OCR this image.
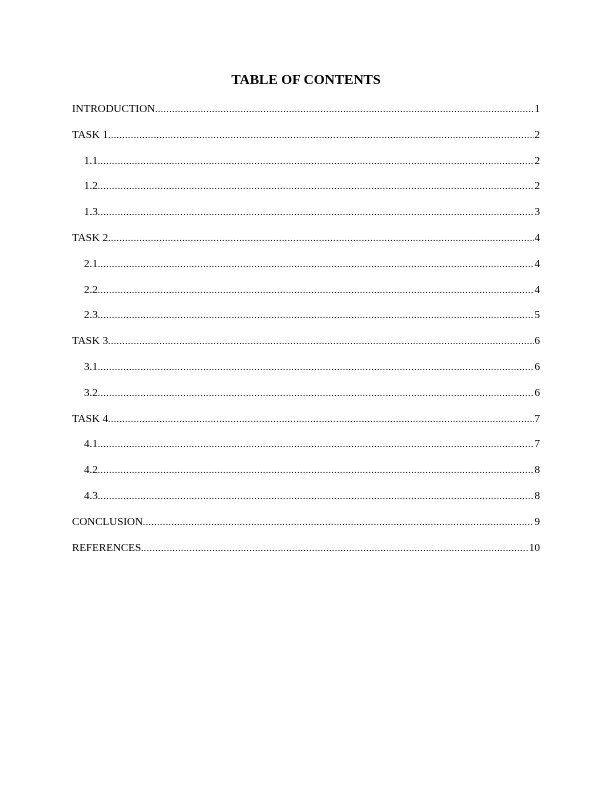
TABLE OF CONTENTS
INTRODUCTION .....	1
TASK 1 .....	2
1.1 .....	2
1.2 .....	2
1.3 .....	3
TASK 2 .....	4
2.1 .....	4
2.2 .....	4
2.3 .....	5
TASK 3 .....	6
3.1 .....	6
3.2 .....	6
TASK 4 .....	7
4.1 .....	7
4.2 .....	8
4.3 .....	8
CONCLUSION .....	9
REFERENCES .....	10
